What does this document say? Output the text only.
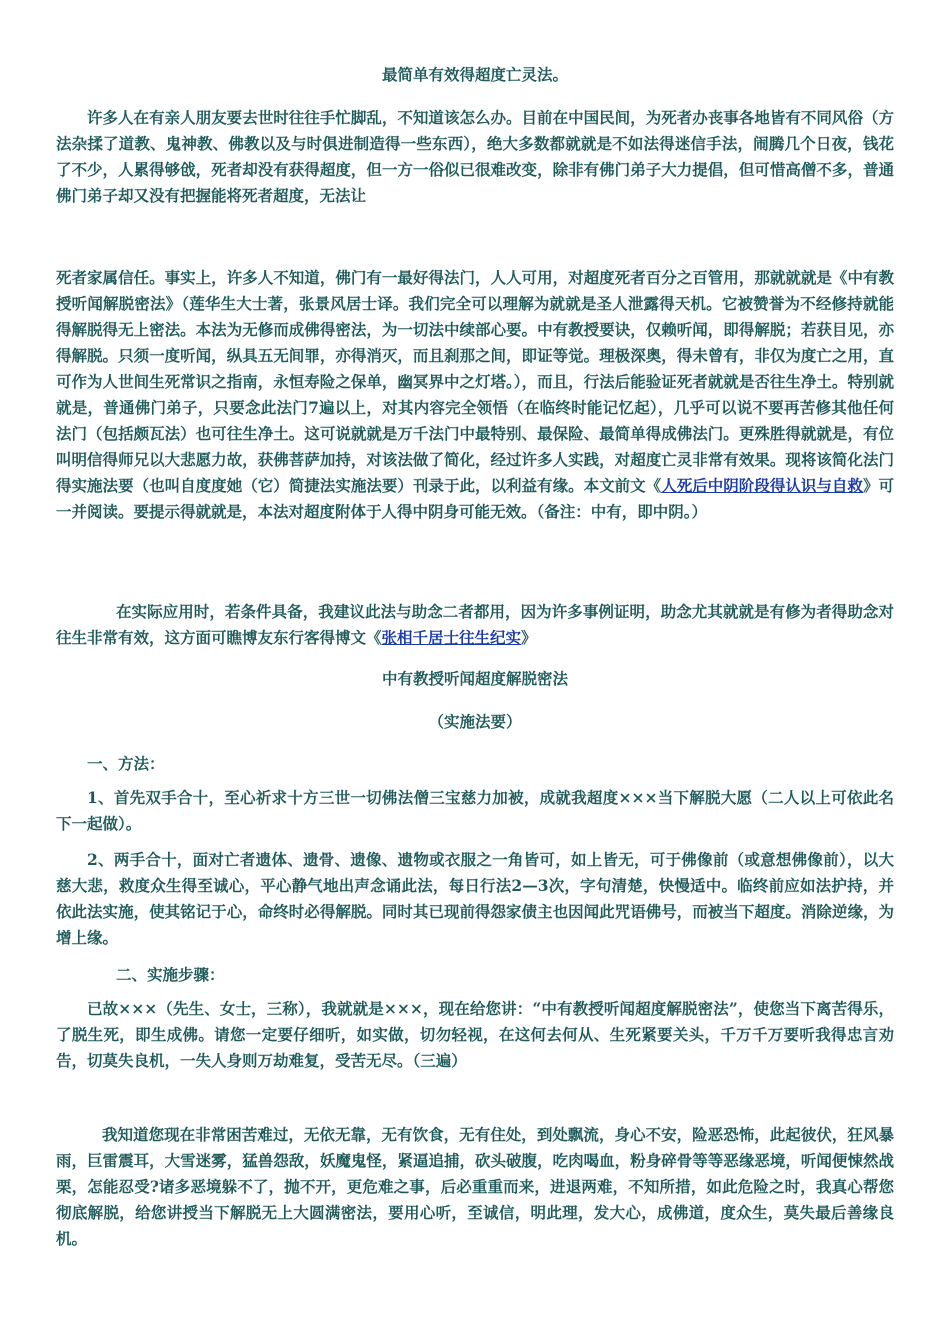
最简单有效得超度亡灵法。

许多人在有亲人朋友要去世时往往手忙脚乱，不知道该怎么办。目前在中国民间，为死者办丧事各地皆有不同风俗（方法杂揉了道教、鬼神教、佛教以及与时俱进制造得一些东西），绝大多数都就就是不如法得迷信手法，闹腾几个日夜，钱花了不少，人累得够戗，死者却没有获得超度，但一方一俗似已很难改变，除非有佛门弟子大力提倡，但可惜高僧不多，普通佛门弟子却又没有把握能将死者超度，无法让

死者家属信任。事实上，许多人不知道，佛门有一最好得法门，人人可用，对超度死者百分之百管用，那就就就是《中有教授听闻解脱密法》（莲华生大士著，张景风居士译。我们完全可以理解为就就是圣人泄露得天机。它被赞誉为不经修持就能得解脱得无上密法。本法为无修而成佛得密法，为一切法中续部心要。中有教授要诀，仅赖听闻，即得解脱；若获目见，亦得解脱。只须一度听闻，纵具五无间罪，亦得消灭，而且刹那之间，即证等觉。理极深奥，得未曾有，非仅为度亡之用，直可作为人世间生死常识之指南，永恒寿险之保单，幽冥界中之灯塔。），而且，行法后能验证死者就就是否往生净土。特别就就是，普通佛门弟子，只要念此法门7遍以上，对其内容完全领悟（在临终时能记忆起），几乎可以说不要再苦修其他任何法门（包括颇瓦法）也可往生净土。这可说就就是万千法门中最特别、最保险、最简单得成佛法门。更殊胜得就就是，有位叫明信得师兄以大悲愿力故，获佛菩萨加持，对该法做了简化，经过许多人实践，对超度亡灵非常有效果。现将该简化法门得实施法要（也叫自度度她（它）简捷法实施法要）刊录于此，以利益有缘。本文前文《人死后中阴阶段得认识与自救》可一并阅读。要提示得就就是，本法对超度附体于人得中阴身可能无效。（备注：中有，即中阴。）

在实际应用时，若条件具备，我建议此法与助念二者都用，因为许多事例证明，助念尤其就就是有修为者得助念对往生非常有效，这方面可瞧博友东行客得博文《张相千居士往生纪实》

中有教授听闻超度解脱密法

（实施法要）

一、方法：

1、首先双手合十，至心祈求十方三世一切佛法僧三宝慈力加被，成就我超度×××当下解脱大愿（二人以上可依此名下一起做）。

2、两手合十，面对亡者遗体、遗骨、遗像、遗物或衣服之一角皆可，如上皆无，可于佛像前（或意想佛像前），以大慈大悲，救度众生得至诚心，平心静气地出声念诵此法，每日行法2—3次，字句清楚，快慢适中。临终前应如法护持，并依此法实施，使其铭记于心，命终时必得解脱。同时其已现前得怨家债主也因闻此咒语佛号，而被当下超度。消除逆缘，为增上缘。

二、实施步骤：

已故×××（先生、女士，三称），我就就是×××，现在给您讲：“中有教授听闻超度解脱密法”，使您当下离苦得乐，了脱生死，即生成佛。请您一定要仔细听，如实做，切勿轻视，在这何去何从、生死紧要关头，千万千万要听我得忠言劝告，切莫失良机，一失人身则万劫难复，受苦无尽。（三遍）

我知道您现在非常困苦难过，无依无靠，无有饮食，无有住处，到处飘流，身心不安，险恶恐怖，此起彼伏，狂风暴雨，巨雷震耳，大雪迷雾，猛兽怨敌，妖魔鬼怪，紧逼追捕，砍头破腹，吃肉喝血，粉身碎骨等等恶缘恶境，听闻便悚然战栗，怎能忍受?诸多恶境躲不了，抛不开，更危难之事，后必重重而来，进退两难，不知所措，如此危险之时，我真心帮您彻底解脱，给您讲授当下解脱无上大圆满密法，要用心听，至诚信，明此理，发大心，成佛道，度众生，莫失最后善缘良机。
